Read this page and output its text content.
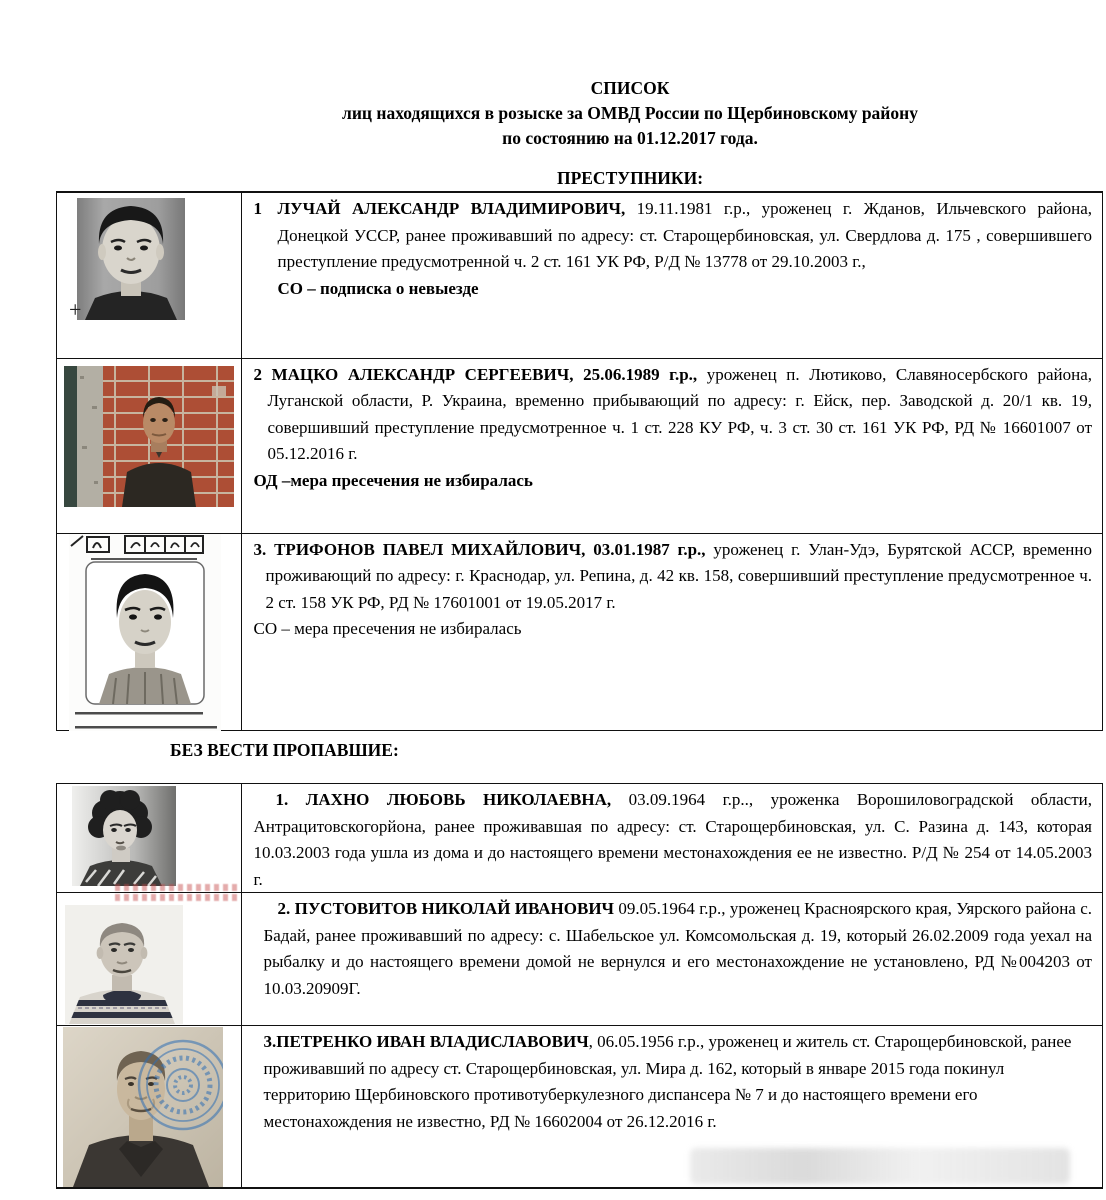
СПИСОК
лиц находящихся в розыске за ОМВД России по Щербиновскому району
по состоянию на 01.12.2017 года.
ПРЕСТУПНИКИ:
+

1 ЛУЧАЙ АЛЕКСАНДР ВЛАДИМИРОВИЧ, 19.11.1981 г.р., уроженец г. Жданов, Ильчевского района, Донецкой УССР, ранее проживавший по адресу: ст. Старощербиновская, ул. Свердлова д. 175 , совершившего преступление предусмотренной ч. 2 ст. 161 УК РФ, Р/Д № 13778 от 29.10.2003 г.,

СО – подписка о невыезде

2 МАЦКО АЛЕКСАНДР СЕРГЕЕВИЧ, 25.06.1989 г.р., уроженец п. Лютиково, Славяносербского района, Луганской области, Р. Украина, временно прибывающий по адресу: г. Ейск, пер. Заводской д. 20/1 кв. 19, совершивший преступление предусмотренное ч. 1 ст. 228 КУ РФ, ч. 3 ст. 30 ст. 161 УК РФ, РД № 16601007 от 05.12.2016 г.

ОД –мера пресечения не избиралась

3. ТРИФОНОВ ПАВЕЛ МИХАЙЛОВИЧ, 03.01.1987 г.р., уроженец г. Улан-Удэ, Бурятской АССР, временно проживающий по адресу: г. Краснодар, ул. Репина, д. 42 кв. 158, совершивший преступление предусмотренное ч. 2 ст. 158 УК РФ, РД № 17601001 от 19.05.2017 г.

СО – мера пресечения не избиралась

БЕЗ ВЕСТИ ПРОПАВШИЕ:

1. ЛАХНО ЛЮБОВЬ НИКОЛАЕВНА, 03.09.1964 г.р.., уроженка Ворошиловоградской области, Антрацитовскогорйона, ранее проживавшая по адресу: ст. Старощербиновская, ул. С. Разина д. 143, которая 10.03.2003 года ушла из дома и до настоящего времени местонахождения ее не известно. Р/Д № 254 от 14.05.2003 г.

2. ПУСТОВИТОВ НИКОЛАЙ ИВАНОВИЧ 09.05.1964 г.р., уроженец Красноярского края, Уярского района с. Бадай, ранее проживавший по адресу: с. Шабельское ул. Комсомольская д. 19, который 26.02.2009 года уехал на рыбалку и до настоящего времени домой не вернулся и его местонахождение не установлено, РД №004203 от 10.03.20909Г.

3.ПЕТРЕНКО ИВАН ВЛАДИСЛАВОВИЧ, 06.05.1956 г.р., уроженец и житель ст. Старощербиновской, ранее проживавший по адресу ст. Старощербиновская, ул. Мира д. 162, который в январе 2015 года покинул территорию Щербиновского противотуберкулезного диспансера № 7 и до настоящего времени его местонахождения не известно, РД № 16602004 от 26.12.2016 г.
